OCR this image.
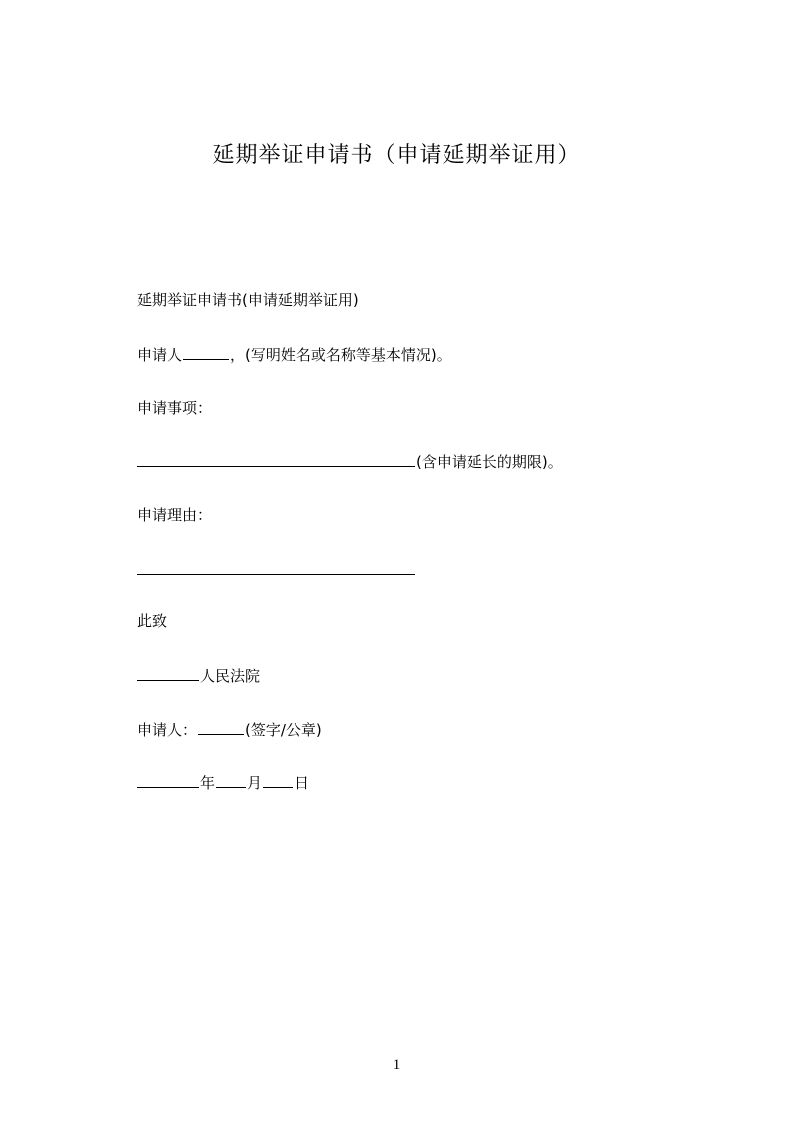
延期举证申请书（申请延期举证用）
延期举证申请书(申请延期举证用)
申请人	，(写明姓名或名称等基本情况)。
申请事项：
(含申请延长的期限)。
申请理由：
此致
人民法院
申请人：	(签字/公章)
年 月 日
1
